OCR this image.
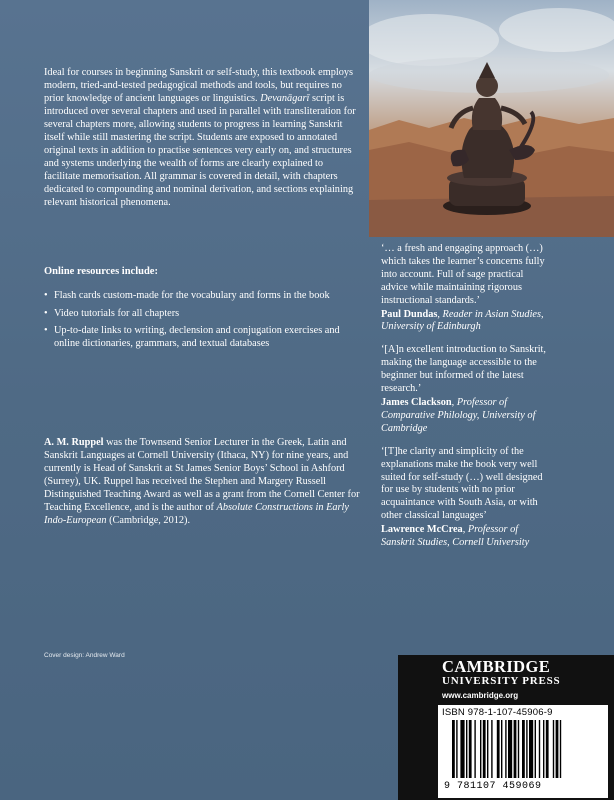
Ideal for courses in beginning Sanskrit or self-study, this textbook employs modern, tried-and-tested pedagogical methods and tools, but requires no prior knowledge of ancient languages or linguistics. Devanāgarī script is introduced over several chapters and used in parallel with transliteration for several chapters more, allowing students to progress in learning Sanskrit itself while still mastering the script. Students are exposed to annotated original texts in addition to practise sentences very early on, and structures and systems underlying the wealth of forms are clearly explained to facilitate memorisation. All grammar is covered in detail, with chapters dedicated to compounding and nominal derivation, and sections explaining relevant historical phenomena.

Online resources include:

• Flash cards custom-made for the vocabulary and forms in the book
• Video tutorials for all chapters
• Up-to-date links to writing, declension and conjugation exercises and online dictionaries, grammars, and textual databases

A. M. Ruppel was the Townsend Senior Lecturer in the Greek, Latin and Sanskrit Languages at Cornell University (Ithaca, NY) for nine years, and currently is Head of Sanskrit at St James Senior Boys’ School in Ashford (Surrey), UK. Ruppel has received the Stephen and Margery Russell Distinguished Teaching Award as well as a grant from the Cornell Center for Teaching Excellence, and is the author of Absolute Constructions in Early Indo-European (Cambridge, 2012).

Cover design: Andrew Ward

‘… a fresh and engaging approach (…) which takes the learner’s concerns fully into account. Full of sage practical advice while maintaining rigorous instructional standards.’

Paul Dundas, Reader in Asian Studies, University of Edinburgh

‘[A]n excellent introduction to Sanskrit, making the language accessible to the beginner but informed of the latest research.’

James Clackson, Professor of Comparative Philology, University of Cambridge

‘[T]he clarity and simplicity of the explanations make the book very well suited for self-study (…) well designed for use by students with no prior acquaintance with South Asia, or with other classical languages’

Lawrence McCrea, Professor of Sanskrit Studies, Cornell University

CAMBRIDGE
UNIVERSITY PRESS
www.cambridge.org
ISBN 978-1-107-45906-9
9 781107 459069
